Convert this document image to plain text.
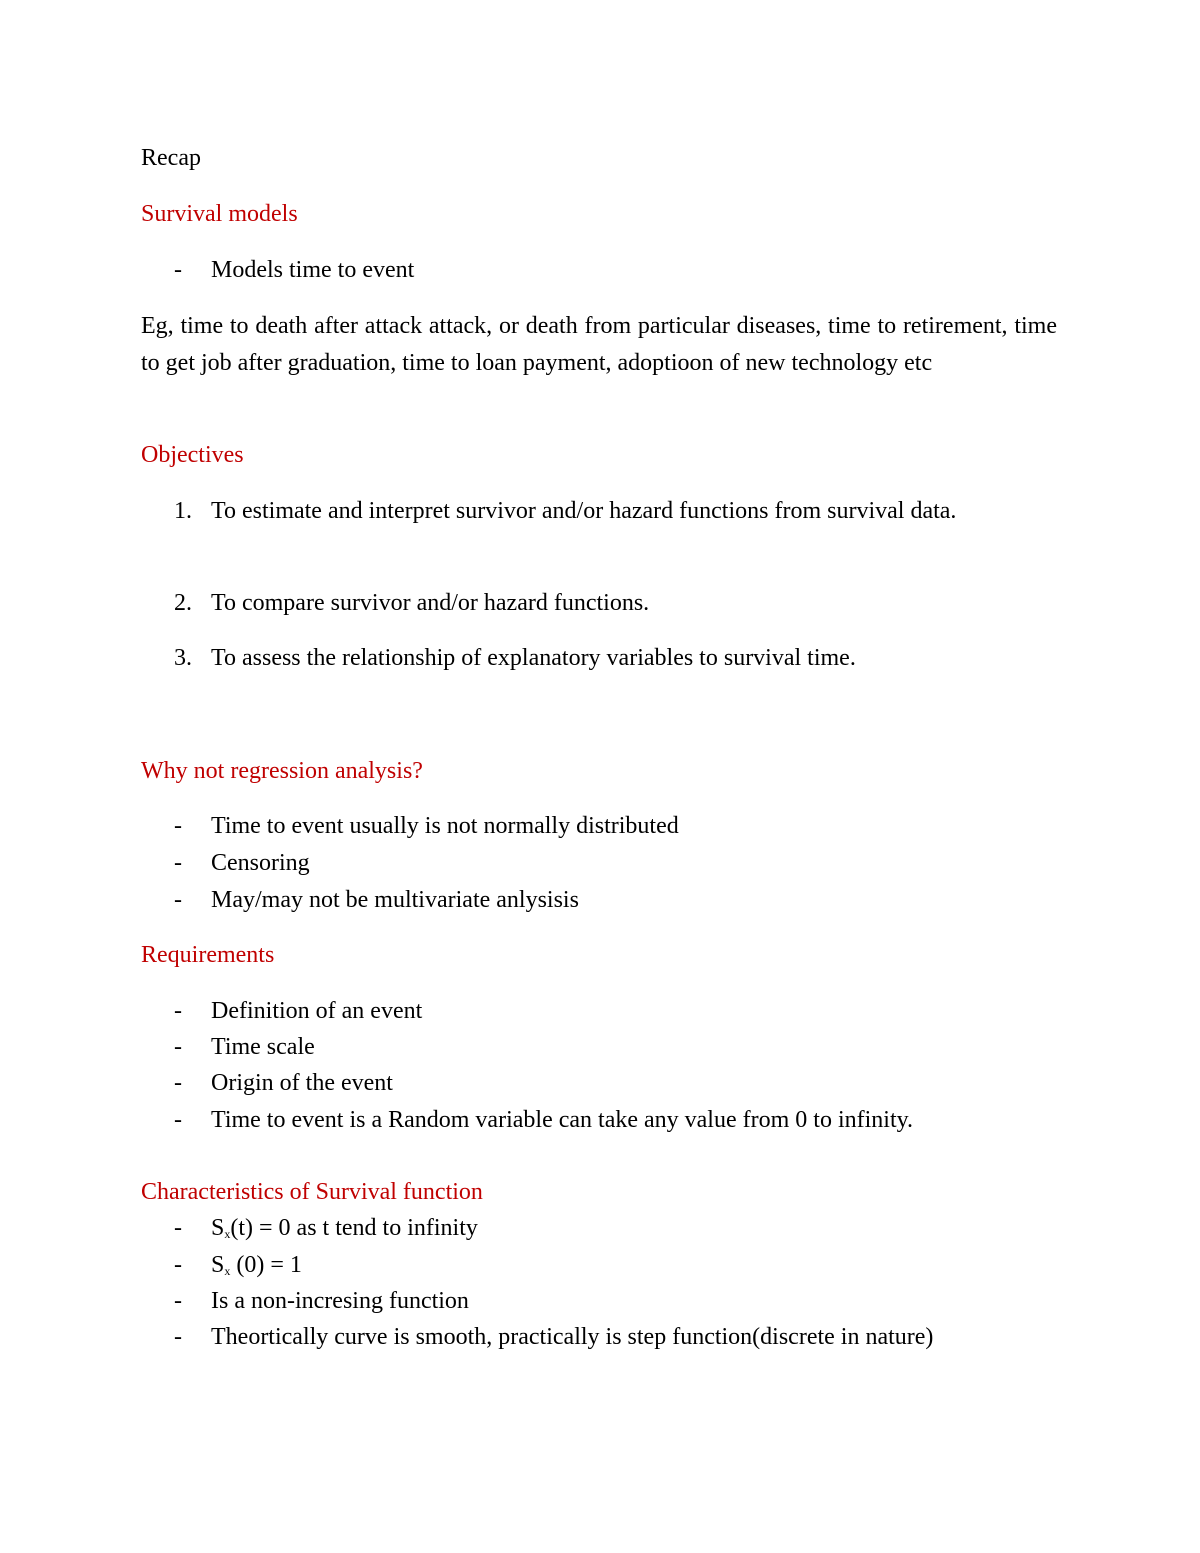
Recap
Survival models
- Models time to event
Eg, time to death after attack attack, or death from particular diseases, time to retirement, time to get job after graduation, time to loan payment, adoptioon of new technology etc
Objectives
1. To estimate and interpret survivor and/or hazard functions from survival data.
2. To compare survivor and/or hazard functions.
3. To assess the relationship of explanatory variables to survival time.
Why not regression analysis?
- Time to event usually is not normally distributed
- Censoring
- May/may not be multivariate anlysisis
Requirements
- Definition of an event
- Time scale
- Origin of the event
- Time to event is a Random variable can take any value from 0 to infinity.
Characteristics of Survival function
- $S_x(t) = 0$ as t tend to infinity
- $S_x$ (0) = 1
- Is a non-incresing function
- Theortically curve is smooth, practically is step function(discrete in nature)
